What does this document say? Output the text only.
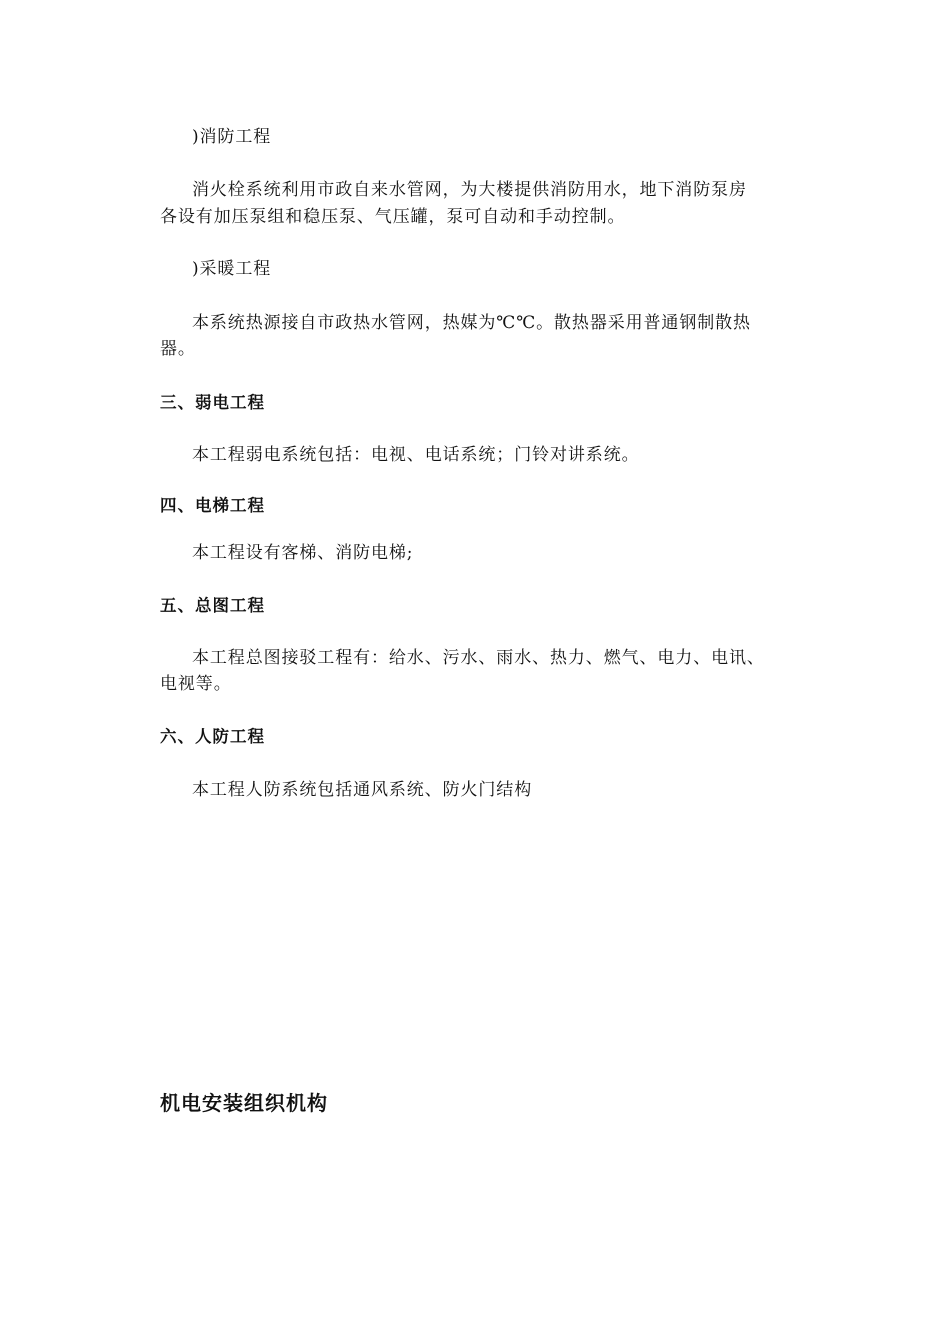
)消防工程
消火栓系统利用市政自来水管网，为大楼提供消防用水，地下消防泵房
各设有加压泵组和稳压泵、气压罐，泵可自动和手动控制。
)采暖工程
本系统热源接自市政热水管网，热媒为℃℃。散热器采用普通钢制散热
器。
三、弱电工程
本工程弱电系统包括：电视、电话系统；门铃对讲系统。
四、电梯工程
本工程设有客梯、消防电梯;
五、总图工程
本工程总图接驳工程有：给水、污水、雨水、热力、燃气、电力、电讯、
电视等。
六、人防工程
本工程人防系统包括通风系统、防火门结构
机电安装组织机构
